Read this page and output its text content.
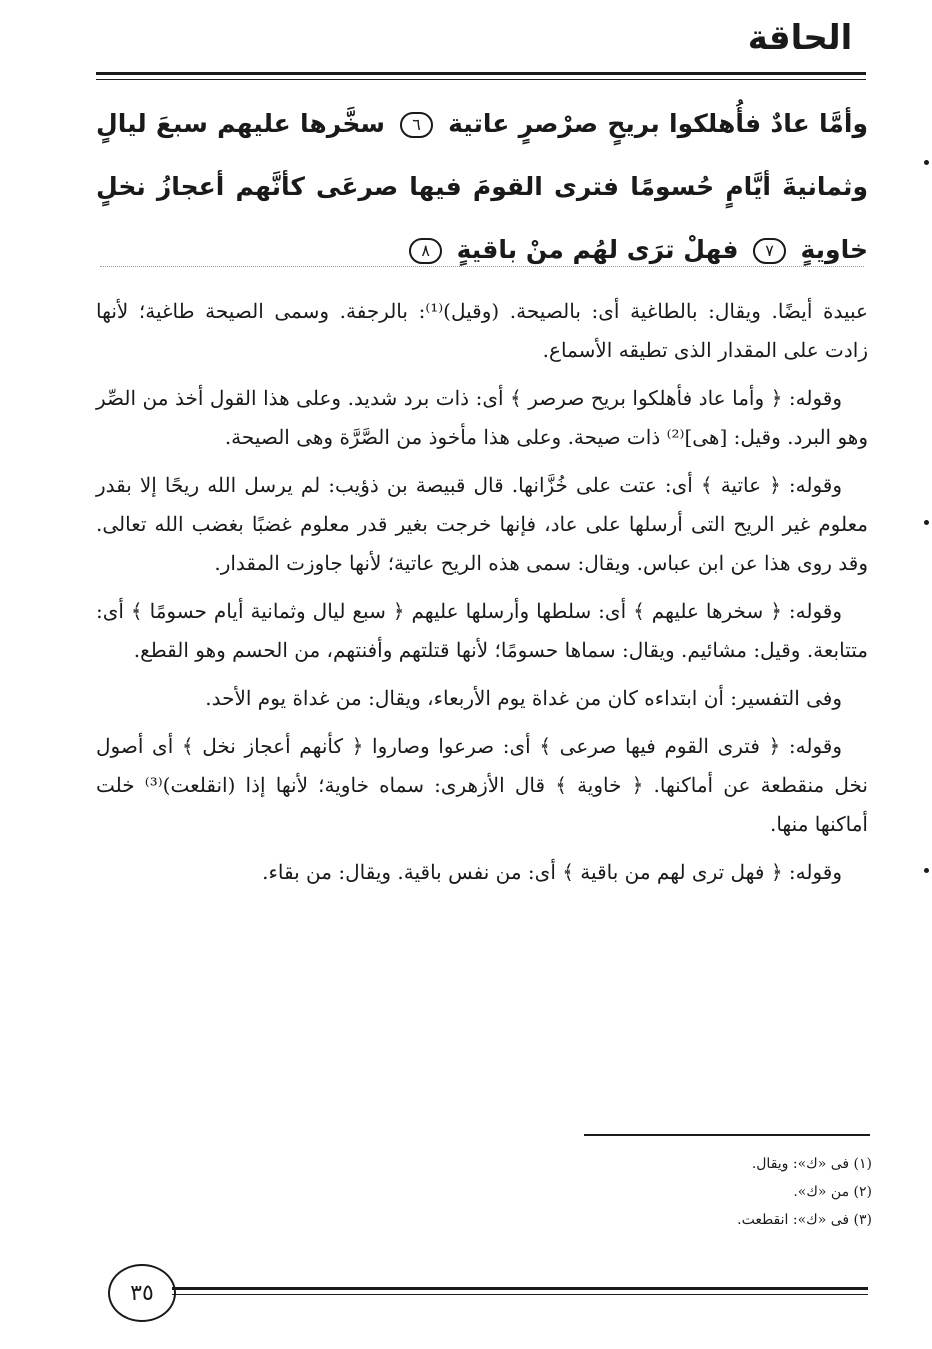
الحاقة
وأمَّا عادٌ فأُهلكوا بريحٍ صرْصرٍ عاتية ٦ سخَّرها عليهم سبعَ ليالٍ وثمانيةَ أيَّامٍ حُسومًا فترى القومَ فيها صرعَى كأنَّهم أعجازُ نخلٍ خاويةٍ ٧ فهلْ ترَى لهُم منْ باقيةٍ ٨

عبيدة أيضًا. ويقال: بالطاغية أى: بالصيحة. (وقيل)⁽¹⁾: بالرجفة. وسمى الصيحة طاغية؛ لأنها زادت على المقدار الذى تطيقه الأسماع.

وقوله: ﴿ وأما عاد فأهلكوا بريح صرصر ﴾ أى: ذات برد شديد. وعلى هذا القول أخذ من الصِّر وهو البرد. وقيل: [هى]⁽²⁾ ذات صيحة. وعلى هذا مأخوذ من الصَّرَّة وهى الصيحة.

وقوله: ﴿ عاتية ﴾ أى: عتت على خُزَّانها. قال قبيصة بن ذؤيب: لم يرسل الله ريحًا إلا بقدر معلوم غير الريح التى أرسلها على عاد، فإنها خرجت بغير قدر معلوم غضبًا بغضب الله تعالى. وقد روى هذا عن ابن عباس. ويقال: سمى هذه الريح عاتية؛ لأنها جاوزت المقدار.

وقوله: ﴿ سخرها عليهم ﴾ أى: سلطها وأرسلها عليهم ﴿ سبع ليال وثمانية أيام حسومًا ﴾ أى: متتابعة. وقيل: مشائيم. ويقال: سماها حسومًا؛ لأنها قتلتهم وأفنتهم، من الحسم وهو القطع.

وفى التفسير: أن ابتداءه كان من غداة يوم الأربعاء، ويقال: من غداة يوم الأحد.

وقوله: ﴿ فترى القوم فيها صرعى ﴾ أى: صرعوا وصاروا ﴿ كأنهم أعجاز نخل ﴾ أى أصول نخل منقطعة عن أماكنها. ﴿ خاوية ﴾ قال الأزهرى: سماه خاوية؛ لأنها إذا (انقلعت)⁽³⁾ خلت أماكنها منها.

وقوله: ﴿ فهل ترى لهم من باقية ﴾ أى: من نفس باقية. ويقال: من بقاء.

(١) فى «ك»: ويقال.
(٢) من «ك».
(٣) فى «ك»: انقطعت.
٣٥
